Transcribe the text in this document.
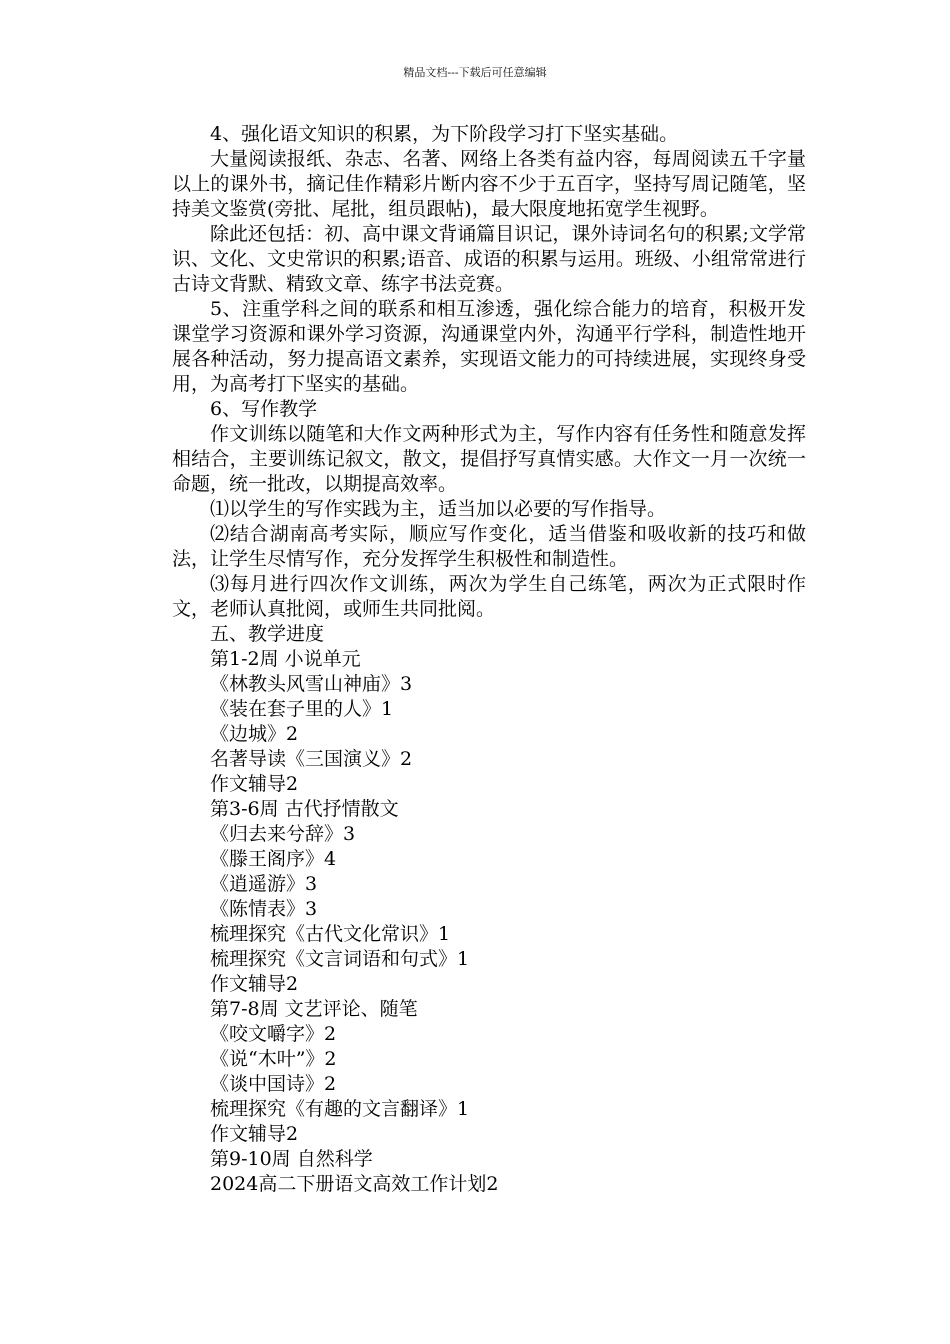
精品文档---下载后可任意编辑

4、强化语文知识的积累，为下阶段学习打下坚实基础。

大量阅读报纸、杂志、名著、网络上各类有益内容，每周阅读五千字量以上的课外书，摘记佳作精彩片断内容不少于五百字，坚持写周记随笔，坚持美文鉴赏(旁批、尾批，组员跟帖)，最大限度地拓宽学生视野。

除此还包括：初、高中课文背诵篇目识记，课外诗词名句的积累;文学常识、文化、文史常识的积累;语音、成语的积累与运用。班级、小组常常进行古诗文背默、精致文章、练字书法竞赛。

5、注重学科之间的联系和相互渗透，强化综合能力的培育，积极开发课堂学习资源和课外学习资源，沟通课堂内外，沟通平行学科，制造性地开展各种活动，努力提高语文素养，实现语文能力的可持续进展，实现终身受用，为高考打下坚实的基础。

6、写作教学

作文训练以随笔和大作文两种形式为主，写作内容有任务性和随意发挥相结合，主要训练记叙文，散文，提倡抒写真情实感。大作文一月一次统一命题，统一批改，以期提高效率。

⑴以学生的写作实践为主，适当加以必要的写作指导。

⑵结合湖南高考实际，顺应写作变化，适当借鉴和吸收新的技巧和做法，让学生尽情写作，充分发挥学生积极性和制造性。

⑶每月进行四次作文训练，两次为学生自己练笔，两次为正式限时作文，老师认真批阅，或师生共同批阅。

五、教学进度

第1-2周 小说单元

《林教头风雪山神庙》3

《装在套子里的人》1

《边城》2

名著导读《三国演义》2

作文辅导2

第3-6周 古代抒情散文

《归去来兮辞》3

《滕王阁序》4

《逍遥游》3

《陈情表》3

梳理探究《古代文化常识》1

梳理探究《文言词语和句式》1

作文辅导2

第7-8周 文艺评论、随笔

《咬文嚼字》2

《说“木叶”》2

《谈中国诗》2

梳理探究《有趣的文言翻译》1

作文辅导2

第9-10周 自然科学

2024高二下册语文高效工作计划2
